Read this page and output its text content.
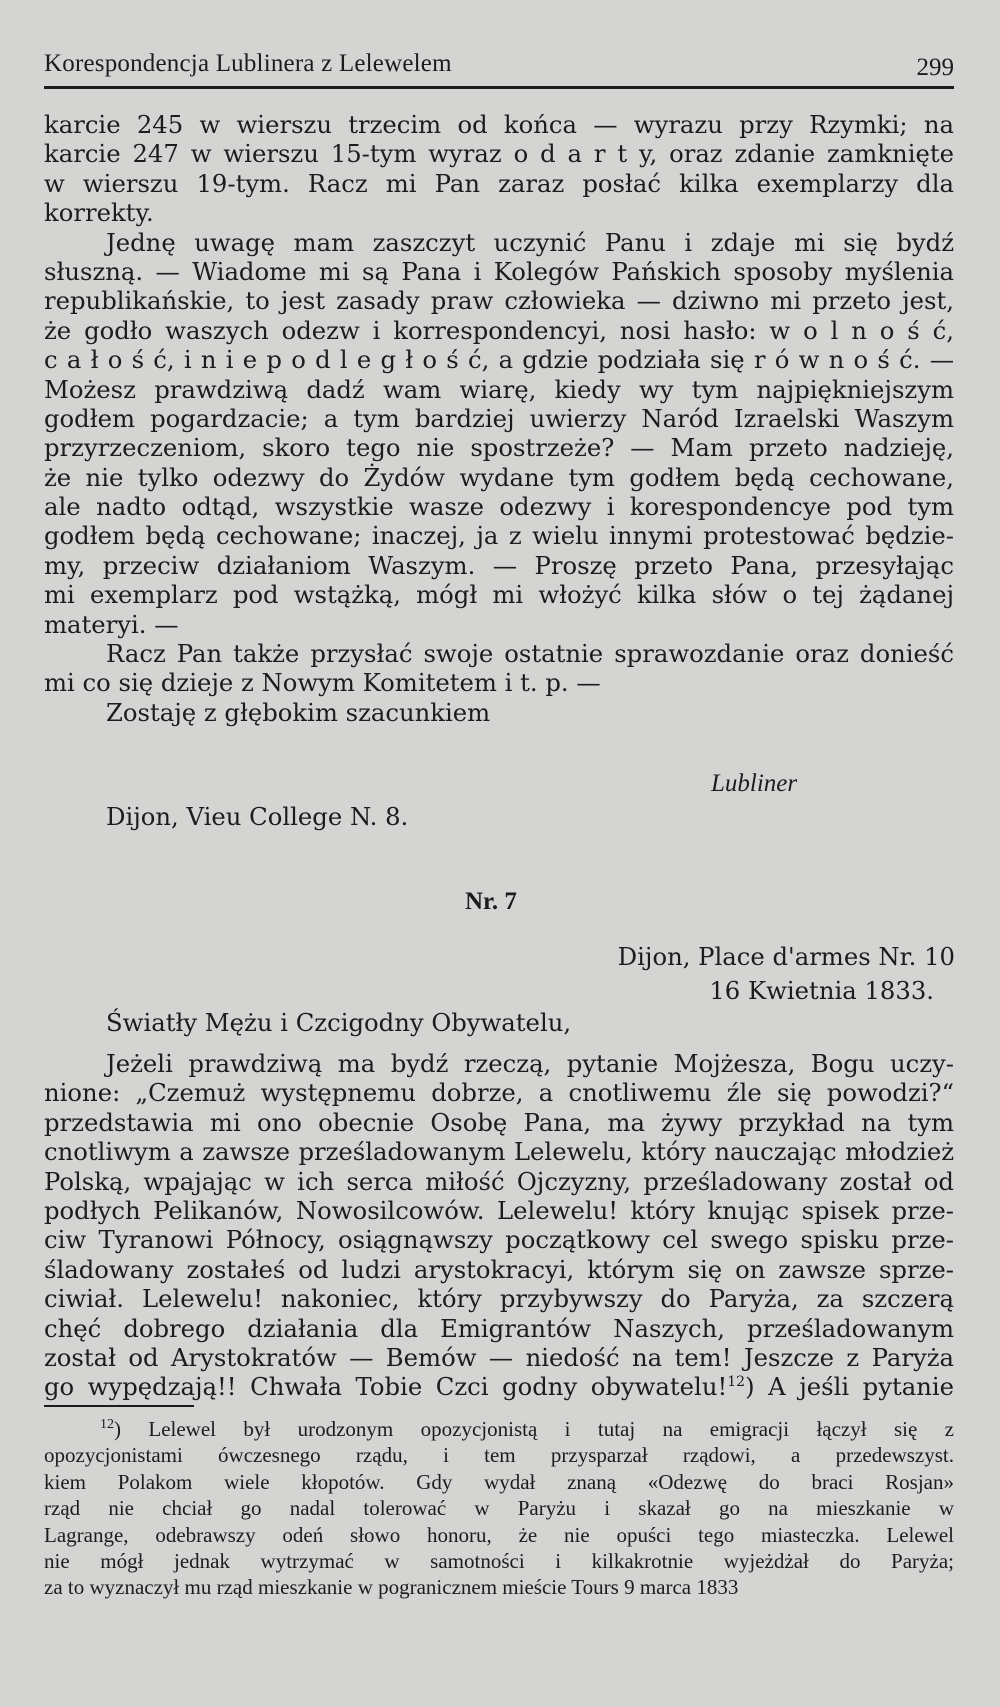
Korespondencja Lublinera z Lelewelem	299
karcie 245 w wierszu trzecim od końca — wyrazu przy Rzymki; na
karcie 247 w wierszu 15-tym wyraz o d a r t y, oraz zdanie zamknięte
w wierszu 19-tym. Racz mi Pan zaraz posłać kilka exemplarzy dla
korrekty.
Jednę uwagę mam zaszczyt uczynić Panu i zdaje mi się bydź
słuszną. — Wiadome mi są Pana i Kolegów Pańskich sposoby myślenia
republikańskie, to jest zasady praw człowieka — dziwno mi przeto jest,
że godło waszych odezw i korrespondencyi, nosi hasło: w o l n o ś ć,
c a ł o ś ć, i n i e p o d l e g ł o ś ć, a gdzie podziała się r ó w n o ś ć. —
Możesz prawdziwą dadź wam wiarę, kiedy wy tym najpiękniejszym
godłem pogardzacie; a tym bardziej uwierzy Naród Izraelski Waszym
przyrzeczeniom, skoro tego nie spostrzeże? — Mam przeto nadzieję,
że nie tylko odezwy do Żydów wydane tym godłem będą cechowane,
ale nadto odtąd, wszystkie wasze odezwy i korespondencye pod tym
godłem będą cechowane; inaczej, ja z wielu innymi protestować będzie-
my, przeciw działaniom Waszym. — Proszę przeto Pana, przesyłając
mi exemplarz pod wstążką, mógł mi włożyć kilka słów o tej żądanej
materyi. —
Racz Pan także przysłać swoje ostatnie sprawozdanie oraz donieść
mi co się dzieje z Nowym Komitetem i t. p. —
Zostaję z głębokim szacunkiem
Lubliner
Dijon, Vieu College N. 8.
Nr. 7
Dijon, Place d'armes Nr. 10
16 Kwietnia 1833.
Światły Mężu i Czcigodny Obywatelu,
Jeżeli prawdziwą ma bydź rzeczą, pytanie Mojżesza, Bogu uczy-
nione: „Czemuż występnemu dobrze, a cnotliwemu źle się powodzi?“
przedstawia mi ono obecnie Osobę Pana, ma żywy przykład na tym
cnotliwym a zawsze prześladowanym Lelewelu, który nauczając młodzież
Polską, wpajając w ich serca miłość Ojczyzny, prześladowany został od
podłych Pelikanów, Nowosilcowów. Lelewelu! który knując spisek prze-
ciw Tyranowi Północy, osiągnąwszy początkowy cel swego spisku prze-
śladowany zostałeś od ludzi arystokracyi, którym się on zawsze sprze-
ciwiał. Lelewelu! nakoniec, który przybywszy do Paryża, za szczerą
chęć dobrego działania dla Emigrantów Naszych, prześladowanym
został od Arystokratów — Bemów — niedość na tem! Jeszcze z Paryża
go wypędzają!! Chwała Tobie Czci godny obywatelu!$^{12}$) A jeśli pytanie
$^{12}$) Lelewel był urodzonym opozycjonistą i tutaj na emigracji łączył się z
opozycjonistami ówczesnego rządu, i tem przysparzał rządowi, a przedewszyst.
kiem Polakom wiele kłopotów. Gdy wydał znaną «Odezwę do braci Rosjan»
rząd nie chciał go nadal tolerować w Paryżu i skazał go na mieszkanie w
Lagrange, odebrawszy odeń słowo honoru, że nie opuści tego miasteczka. Lelewel
nie mógł jednak wytrzymać w samotności i kilkakrotnie wyjeżdżał do Paryża;
za to wyznaczył mu rząd mieszkanie w pogranicznem mieście Tours 9 marca 1833
